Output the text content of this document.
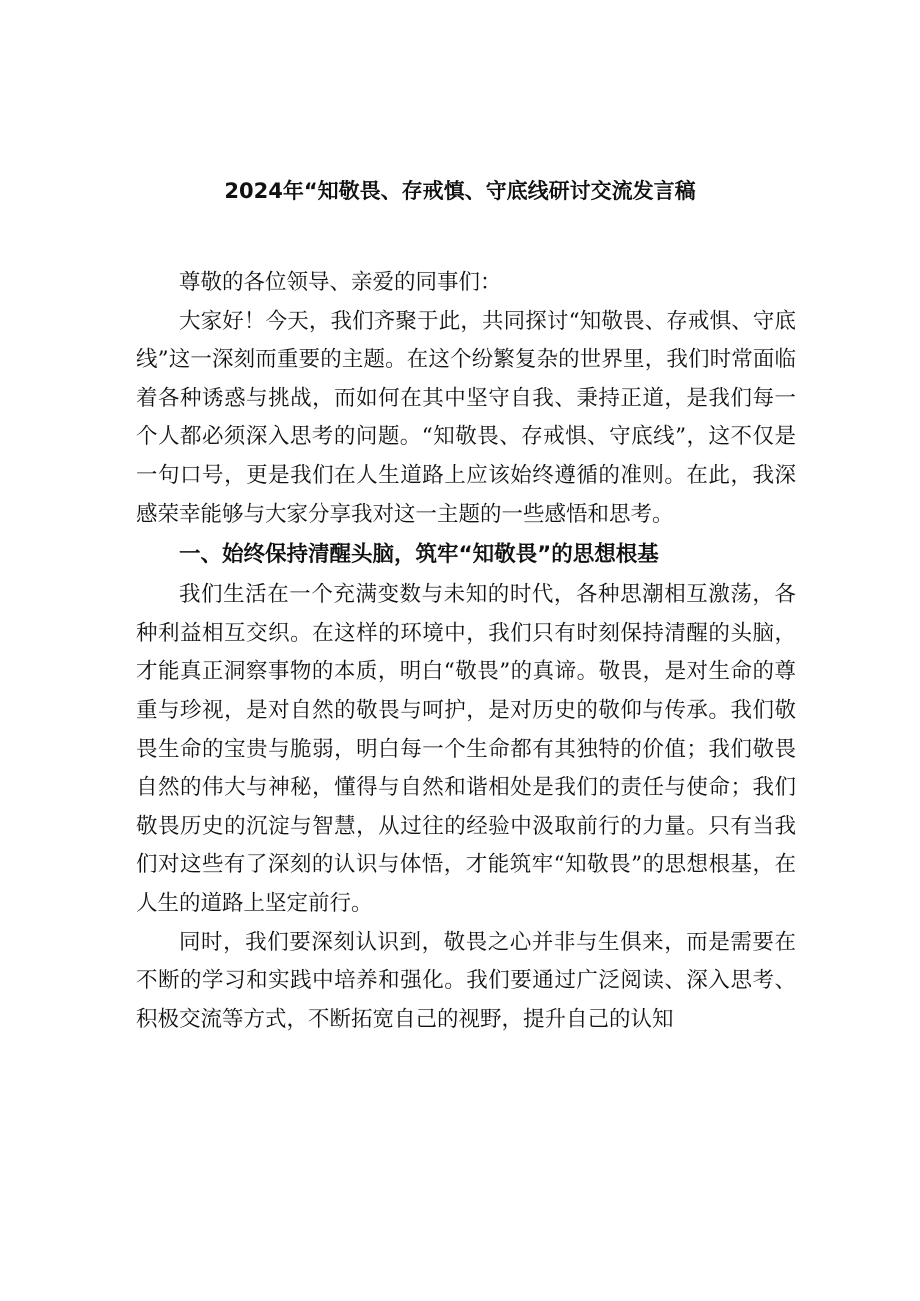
2024年“知敬畏、存戒慎、守底线研讨交流发言稿

尊敬的各位领导、亲爱的同事们：

大家好！今天，我们齐聚于此，共同探讨“知敬畏、存戒惧、守底线”这一深刻而重要的主题。在这个纷繁复杂的世界里，我们时常面临着各种诱惑与挑战，而如何在其中坚守自我、秉持正道，是我们每一个人都必须深入思考的问题。“知敬畏、存戒惧、守底线”，这不仅是一句口号，更是我们在人生道路上应该始终遵循的准则。在此，我深感荣幸能够与大家分享我对这一主题的一些感悟和思考。

一、始终保持清醒头脑，筑牢“知敬畏”的思想根基

我们生活在一个充满变数与未知的时代，各种思潮相互激荡，各种利益相互交织。在这样的环境中，我们只有时刻保持清醒的头脑，才能真正洞察事物的本质，明白“敬畏”的真谛。敬畏，是对生命的尊重与珍视，是对自然的敬畏与呵护，是对历史的敬仰与传承。我们敬畏生命的宝贵与脆弱，明白每一个生命都有其独特的价值；我们敬畏自然的伟大与神秘，懂得与自然和谐相处是我们的责任与使命；我们敬畏历史的沉淀与智慧，从过往的经验中汲取前行的力量。只有当我们对这些有了深刻的认识与体悟，才能筑牢“知敬畏”的思想根基，在人生的道路上坚定前行。

同时，我们要深刻认识到，敬畏之心并非与生俱来，而是需要在不断的学习和实践中培养和强化。我们要通过广泛阅读、深入思考、积极交流等方式，不断拓宽自己的视野，提升自己的认知
